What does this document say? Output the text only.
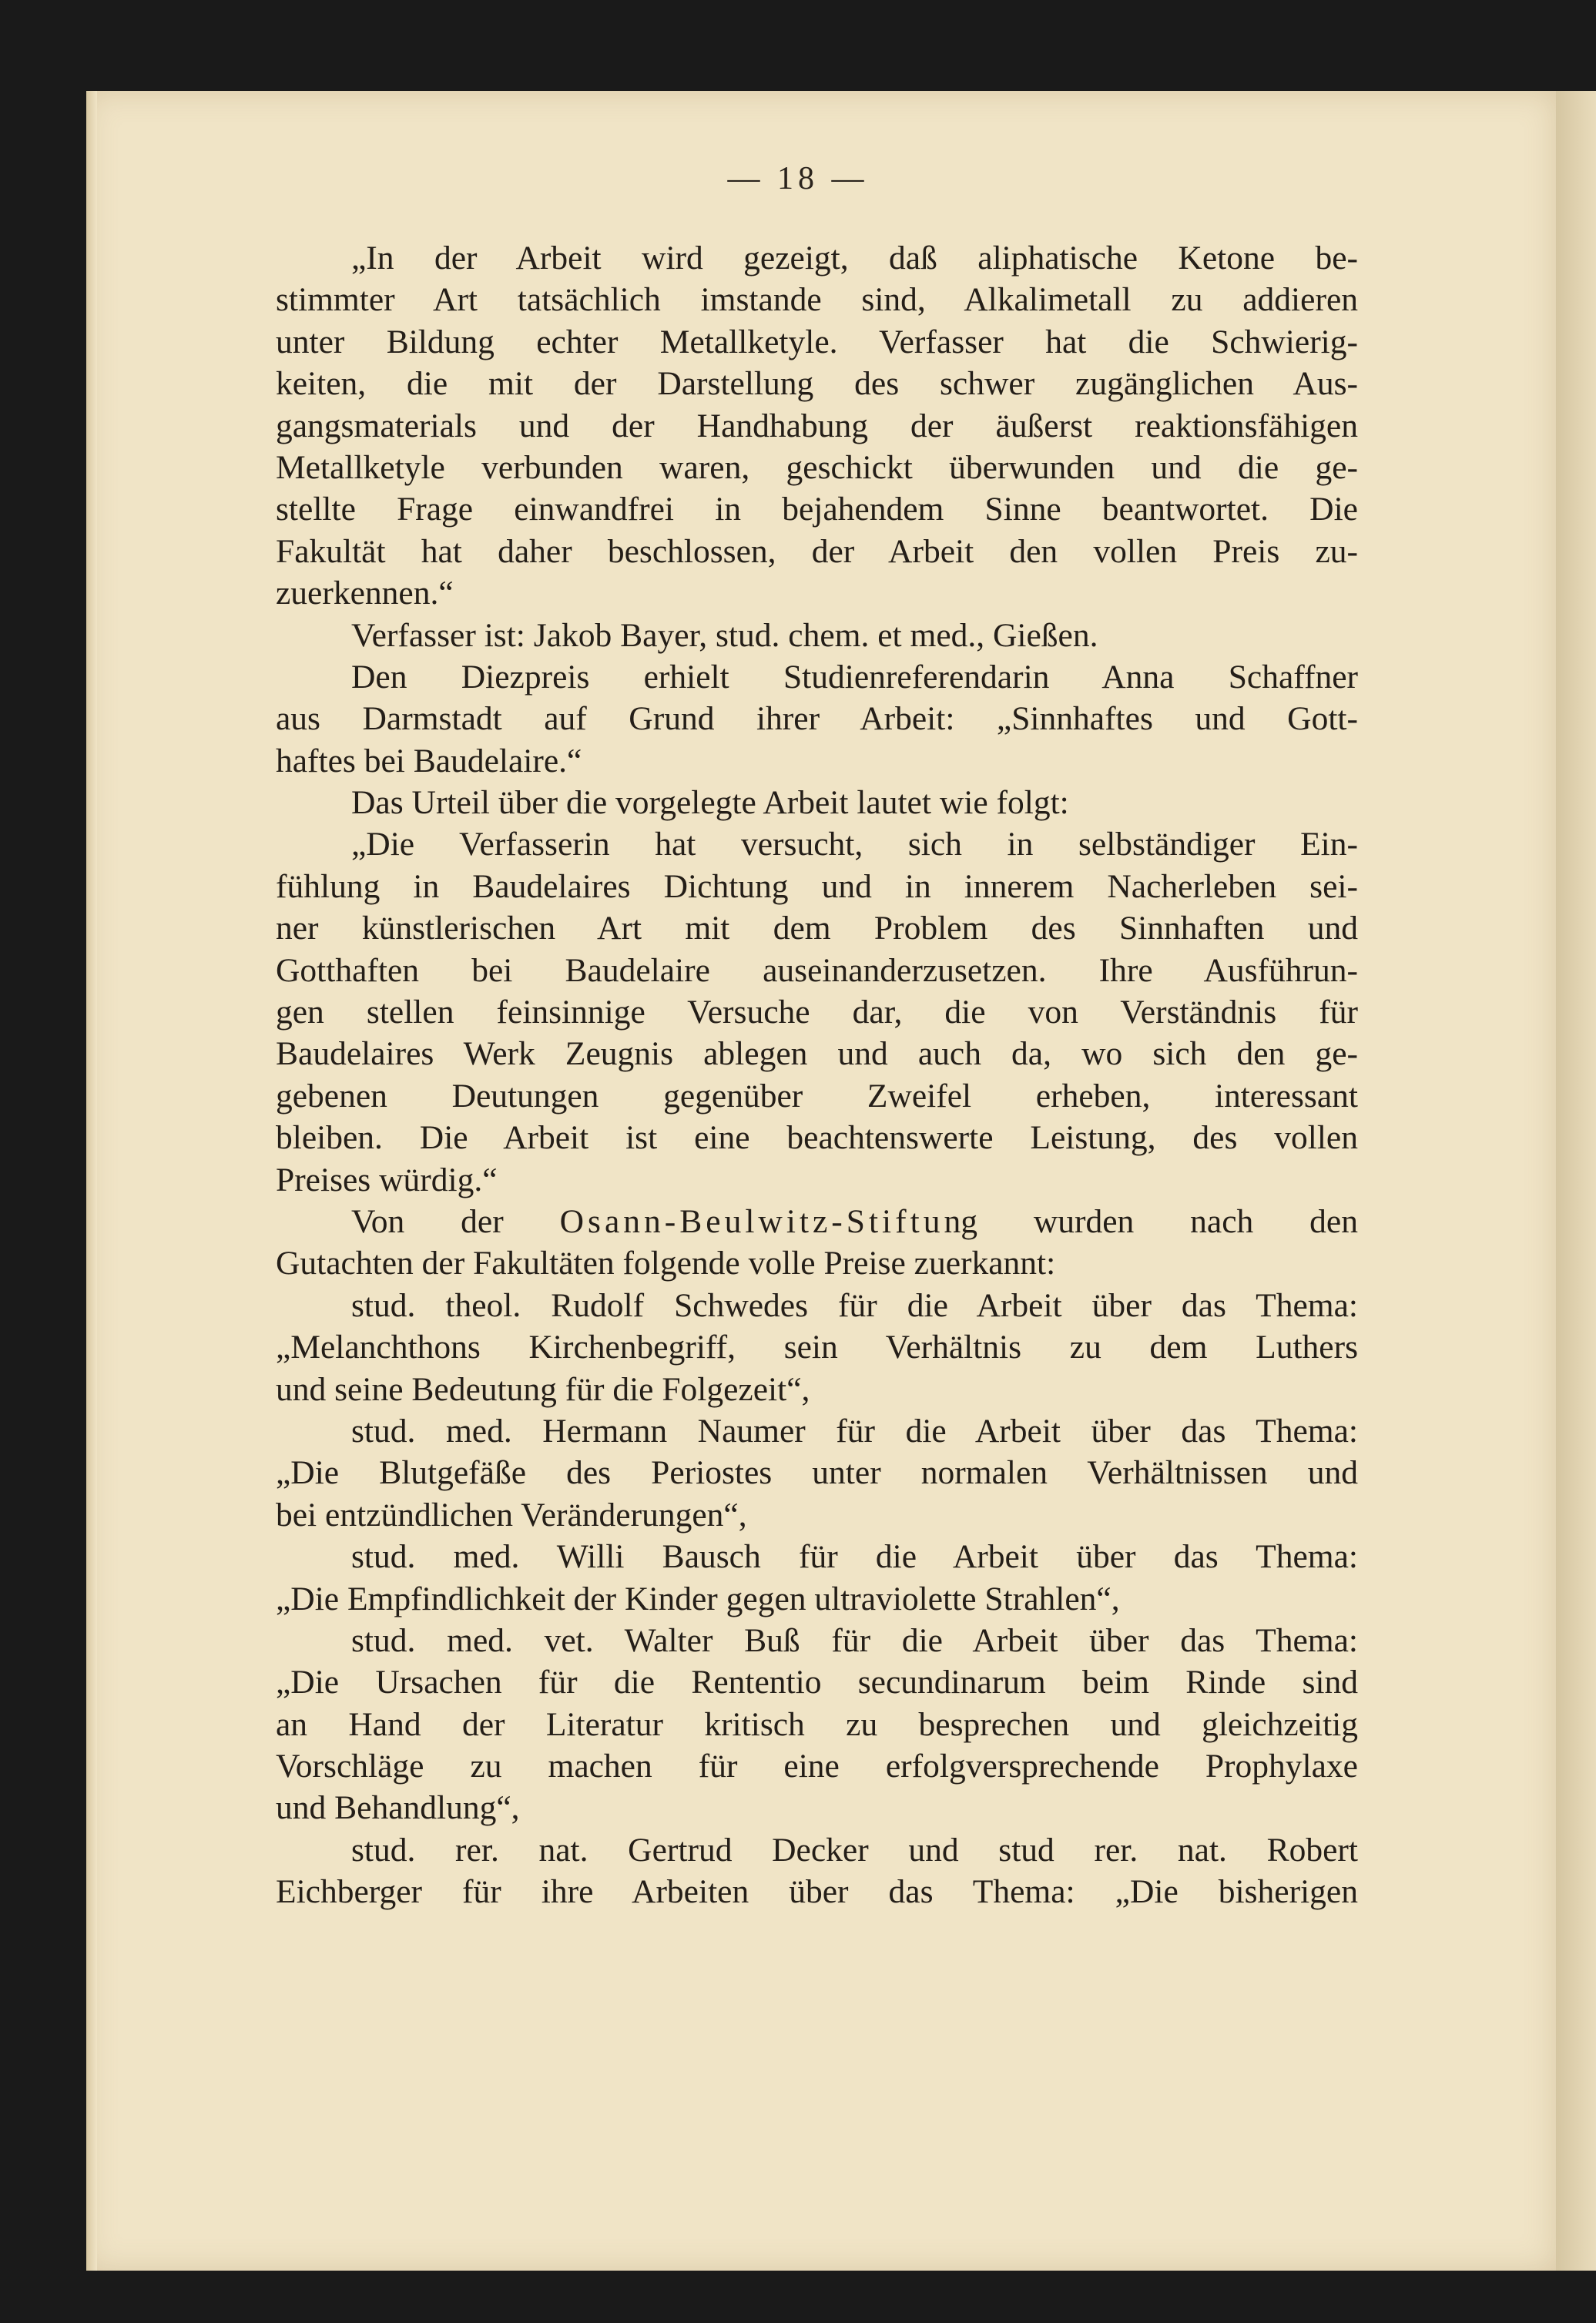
— 18 —
„In der Arbeit wird gezeigt, daß aliphatische Ketone be-
stimmter Art tatsächlich imstande sind, Alkalimetall zu addieren
unter Bildung echter Metallketyle. Verfasser hat die Schwierig-
keiten, die mit der Darstellung des schwer zugänglichen Aus-
gangsmaterials und der Handhabung der äußerst reaktionsfähigen
Metallketyle verbunden waren, geschickt überwunden und die ge-
stellte Frage einwandfrei in bejahendem Sinne beantwortet. Die
Fakultät hat daher beschlossen, der Arbeit den vollen Preis zu-
zuerkennen.“
Verfasser ist: Jakob Bayer, stud. chem. et med., Gießen.
Den Diezpreis erhielt Studienreferendarin Anna Schaffner
aus Darmstadt auf Grund ihrer Arbeit: „Sinnhaftes und Gott-
haftes bei Baudelaire.“
Das Urteil über die vorgelegte Arbeit lautet wie folgt:
„Die Verfasserin hat versucht, sich in selbständiger Ein-
fühlung in Baudelaires Dichtung und in innerem Nacherleben sei-
ner künstlerischen Art mit dem Problem des Sinnhaften und
Gotthaften bei Baudelaire auseinanderzusetzen. Ihre Ausführun-
gen stellen feinsinnige Versuche dar, die von Verständnis für
Baudelaires Werk Zeugnis ablegen und auch da, wo sich den ge-
gebenen Deutungen gegenüber Zweifel erheben, interessant
bleiben. Die Arbeit ist eine beachtenswerte Leistung, des vollen
Preises würdig.“
Von der Osann-Beulwitz-Stiftung wurden nach den
Gutachten der Fakultäten folgende volle Preise zuerkannt:
stud. theol. Rudolf Schwedes für die Arbeit über das Thema:
„Melanchthons Kirchenbegriff, sein Verhältnis zu dem Luthers
und seine Bedeutung für die Folgezeit“,
stud. med. Hermann Naumer für die Arbeit über das Thema:
„Die Blutgefäße des Periostes unter normalen Verhältnissen und
bei entzündlichen Veränderungen“,
stud. med. Willi Bausch für die Arbeit über das Thema:
„Die Empfindlichkeit der Kinder gegen ultraviolette Strahlen“,
stud. med. vet. Walter Buß für die Arbeit über das Thema:
„Die Ursachen für die Rententio secundinarum beim Rinde sind
an Hand der Literatur kritisch zu besprechen und gleichzeitig
Vorschläge zu machen für eine erfolgversprechende Prophylaxe
und Behandlung“,
stud. rer. nat. Gertrud Decker und stud rer. nat. Robert
Eichberger für ihre Arbeiten über das Thema: „Die bisherigen
